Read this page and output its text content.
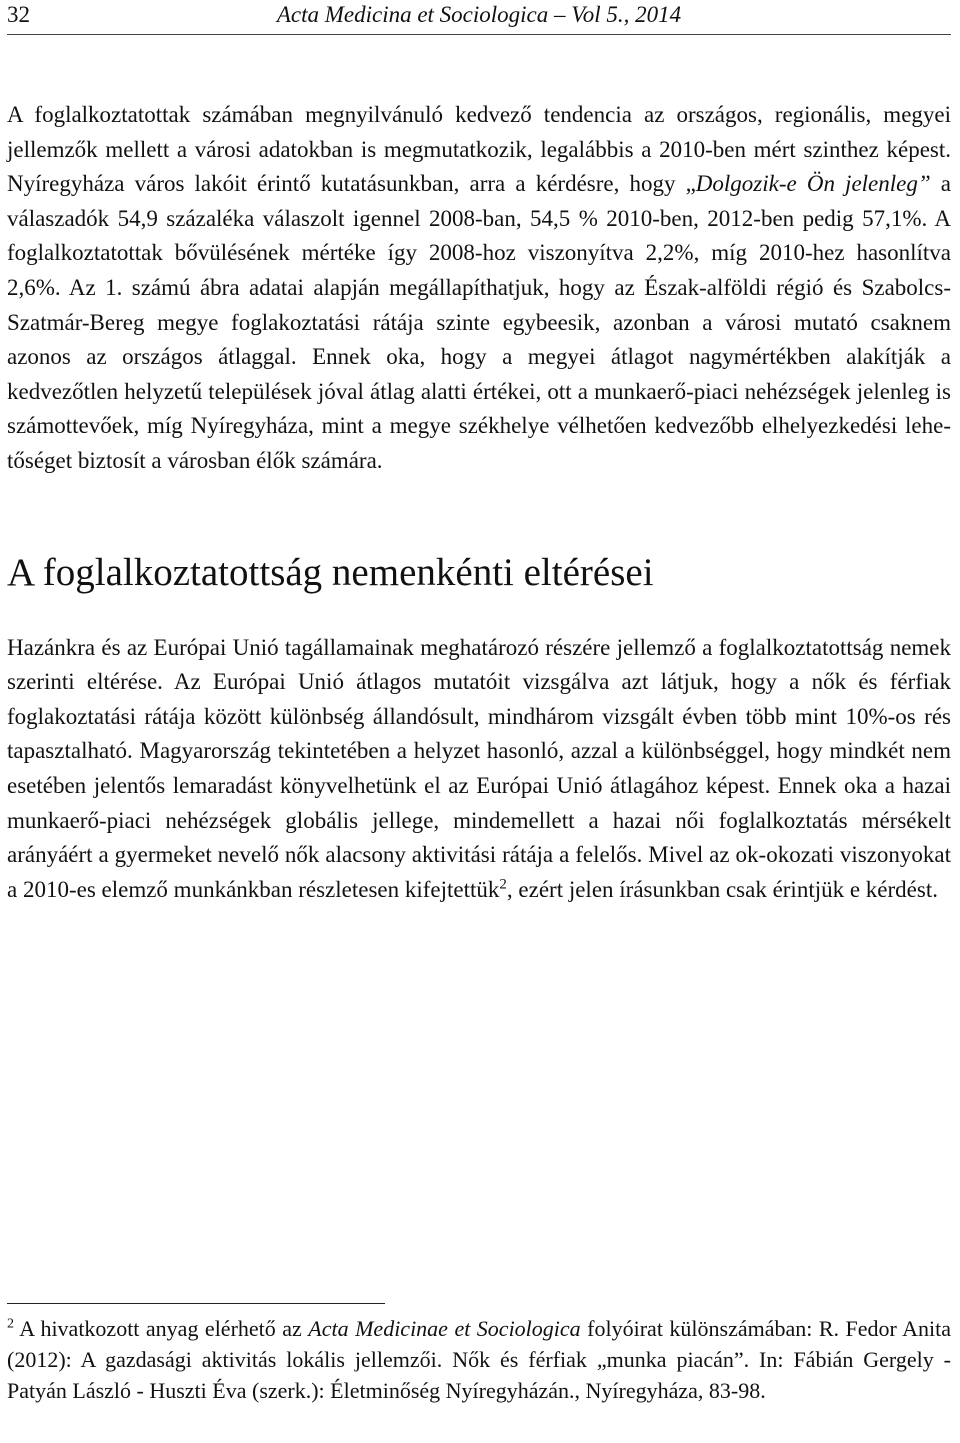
32	Acta Medicina et Sociologica – Vol 5., 2014

A foglalkoztatottak számában megnyilvánuló kedvező tendencia az országos, regionális, megyei jellemzők mellett a városi adatokban is megmutatkozik, legalábbis a 2010-ben mért szinthez képest. Nyíregyháza város lakóit érintő kutatásunkban, arra a kérdésre, hogy „Dolgozik-e Ön jelenleg” a válaszadók 54,9 százaléka válaszolt igennel 2008-ban, 54,5 % 2010-ben, 2012-ben pedig 57,1%. A foglalkoztatottak bővülésének mértéke így 2008-hoz viszonyítva 2,2%, míg 2010-hez hasonlítva 2,6%. Az 1. számú ábra adatai alapján megállapíthatjuk, hogy az Észak-alföldi régió és Szabolcs-Szatmár-Bereg megye foglakoztatási rátája szinte egybeesik, azonban a városi mutató csaknem azonos az országos átlaggal. Ennek oka, hogy a megyei átlagot nagymértékben alakítják a kedvezőtlen helyzetű települések jóval átlag alatti értékei, ott a munkaerő-piaci nehézségek jelenleg is számottevőek, míg Nyíregyháza, mint a megye székhelye vélhetően kedvezőbb elhelyezkedési lehetőséget biztosít a városban élők számára.

A foglalkoztatottság nemenkénti eltérései

Hazánkra és az Európai Unió tagállamainak meghatározó részére jellemző a foglalkoztatottság nemek szerinti eltérése. Az Európai Unió átlagos mutatóit vizsgálva azt látjuk, hogy a nők és férfiak foglakoztatási rátája között különbség állandósult, mindhárom vizsgált évben több mint 10%-os rés tapasztalható. Magyarország tekintetében a helyzet hasonló, azzal a különbséggel, hogy mindkét nem esetében jelentős lemaradást könyvelhetünk el az Európai Unió átlagához képest. Ennek oka a hazai munkaerő-piaci nehézségek globális jellege, mindemellett a hazai női foglalkoztatás mérsékelt arányáért a gyermeket nevelő nők alacsony aktivitási rátája a felelős. Mivel az ok-okozati viszonyokat a 2010-es elemző munkánkban részletesen kifejtettük$^2$, ezért jelen írásunkban csak érintjük e kérdést.

$^2$ A hivatkozott anyag elérhető az Acta Medicinae et Sociologica folyóirat különszámában: R. Fedor Anita (2012): A gazdasági aktivitás lokális jellemzői. Nők és férfiak „munka piacán”. In: Fábián Gergely - Patyán László - Huszti Éva (szerk.): Életminőség Nyíregyházán., Nyíregyháza, 83-98.
